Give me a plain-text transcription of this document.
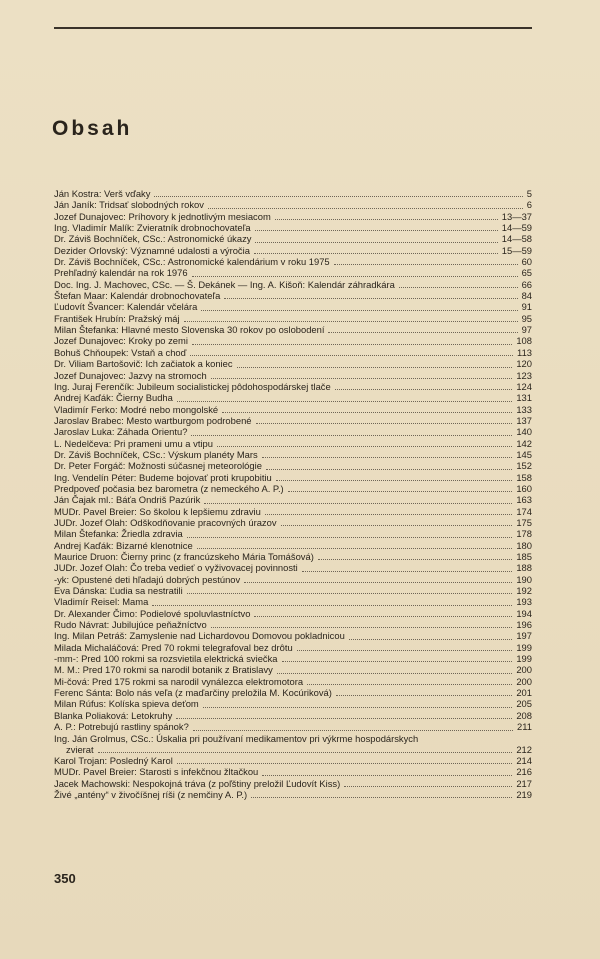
Obsah
Ján Kostra: Verš vďaky	5
Ján Janík: Tridsať slobodných rokov	6
Jozef Dunajovec: Príhovory k jednotlivým mesiacom	13—37
Ing. Vladimír Malík: Zvieratník drobnochovateľa	14—59
Dr. Záviš Bochníček, CSc.: Astronomické úkazy	14—58
Dezider Orlovský: Významné udalosti a výročia	15—59
Dr. Záviš Bochníček, CSc.: Astronomické kalendárium v roku 1975	60
Prehľadný kalendár na rok 1976	65
Doc. Ing. J. Machovec, CSc. — Š. Dekánek — Ing. A. Kišoň: Kalendár záhradkára	66
Štefan Maar: Kalendár drobnochovateľa	84
Ľudovít Švancer: Kalendár včelára	91
František Hrubín: Pražský máj	95
Milan Štefanka: Hlavné mesto Slovenska 30 rokov po oslobodení	97
Jozef Dunajovec: Kroky po zemi	108
Bohuš Chňoupek: Vstaň a choď	113
Dr. Viliam Bartošovič: Ich začiatok a koniec	120
Jozef Dunajovec: Jazvy na stromoch	123
Ing. Juraj Ferenčík: Jubileum socialistickej pôdohospodárskej tlače	124
Andrej Kaďák: Čierny Budha	131
Vladimír Ferko: Modré nebo mongolské	133
Jaroslav Brabec: Mesto wartburgom podrobené	137
Jaroslav Luka: Záhada Orientu?	140
L. Nedelčeva: Pri prameni umu a vtipu	142
Dr. Záviš Bochníček, CSc.: Výskum planéty Mars	145
Dr. Peter Forgáč: Možnosti súčasnej meteorológie	152
Ing. Vendelín Péter: Budeme bojovať proti krupobitiu	158
Predpoveď počasia bez barometra (z nemeckého A. P.)	160
Ján Čajak ml.: Báťa Ondriš Pazúrik	163
MUDr. Pavel Breier: So školou k lepšiemu zdraviu	174
JUDr. Jozef Olah: Odškodňovanie pracovných úrazov	175
Milan Štefanka: Žriedla zdravia	178
Andrej Kaďák: Bizarné klenotnice	180
Maurice Druon: Čierny princ (z francúzskeho Mária Tomášová)	185
JUDr. Jozef Olah: Čo treba vedieť o vyživovacej povinnosti	188
-yk: Opustené deti hľadajú dobrých pestúnov	190
Eva Dánska: Ľudia sa nestratili	192
Vladimír Reisel: Mama	193
Dr. Alexander Čimo: Podielové spoluvlastníctvo	194
Rudo Návrat: Jubilujúce peňažníctvo	196
Ing. Milan Petráš: Zamyslenie nad Lichardovou Domovou pokladnicou	197
Milada Michaláčová: Pred 70 rokmi telegrafoval bez drôtu	199
-mm-: Pred 100 rokmi sa rozsvietila elektrická sviečka	199
M. M.: Pred 170 rokmi sa narodil botanik z Bratislavy	200
Mi-čová: Pred 175 rokmi sa narodil vynálezca elektromotora	200
Ferenc Sánta: Bolo nás veľa (z maďarčiny preložila M. Kocúriková)	201
Milan Rúfus: Kolíska spieva deťom	205
Blanka Poliaková: Letokruhy	208
A. P.: Potrebujú rastliny spánok?	211
Ing. Ján Grolmus, CSc.: Úskalia pri používaní medikamentov pri výkrme hospodárskych
zvierat	212
Karol Trojan: Posledný Karol	214
MUDr. Pavel Breier: Starosti s infekčnou žltačkou	216
Jacek Machowski: Nespokojná tráva (z poľštiny preložil Ľudovít Kiss)	217
Živé „antény“ v živočíšnej ríši (z nemčiny A. P.)	219

350
